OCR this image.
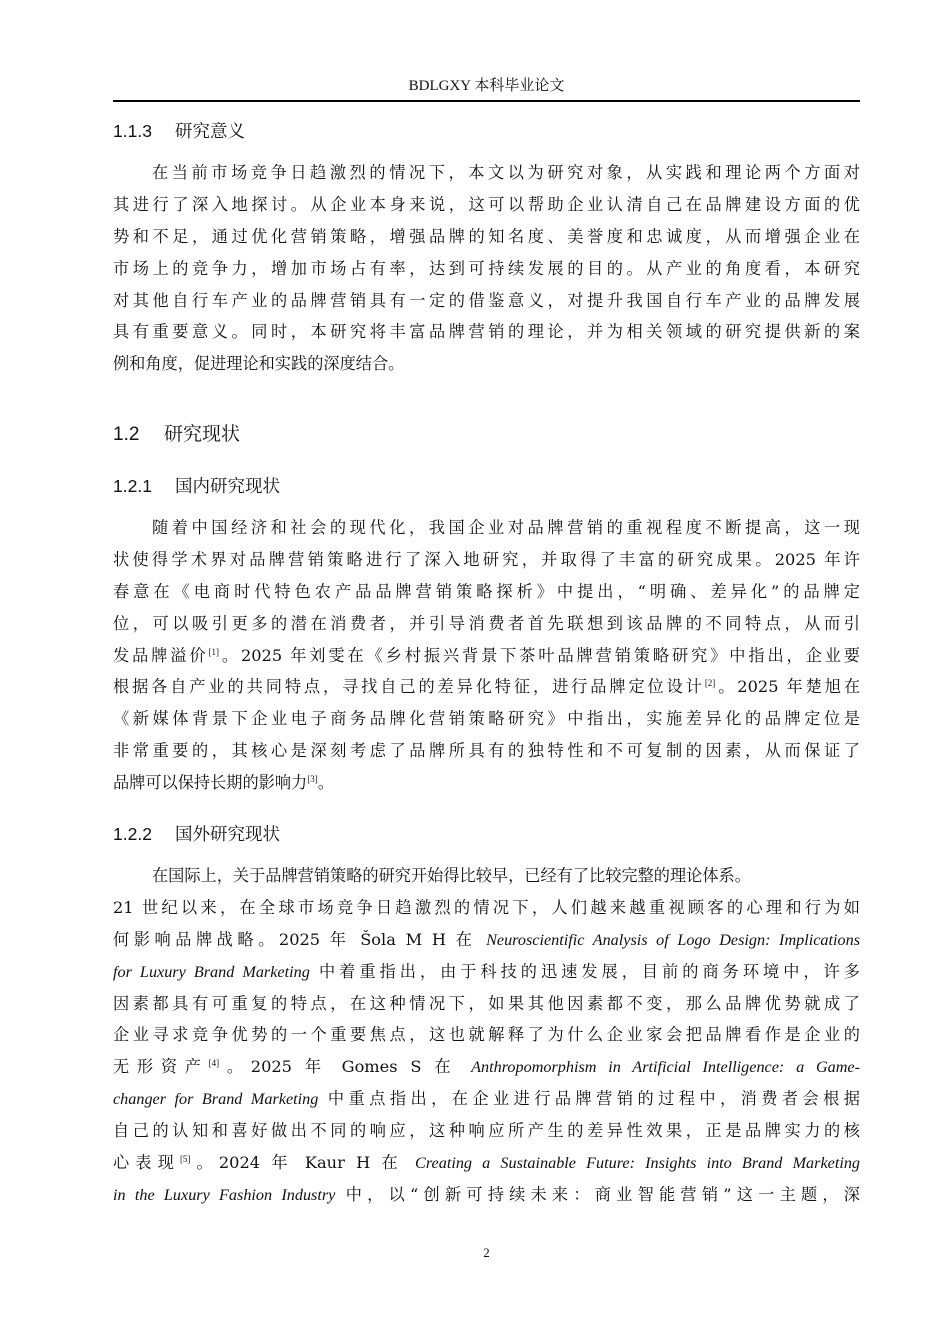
BDLGXY 本科毕业论文
1.1.3 研究意义
在当前市场竞争日趋激烈的情况下，本文以为研究对象，从实践和理论两个方面对
其进行了深入地探讨。从企业本身来说，这可以帮助企业认清自己在品牌建设方面的优
势和不足，通过优化营销策略，增强品牌的知名度、美誉度和忠诚度，从而增强企业在
市场上的竞争力，增加市场占有率，达到可持续发展的目的。从产业的角度看，本研究
对其他自行车产业的品牌营销具有一定的借鉴意义，对提升我国自行车产业的品牌发展
具有重要意义。同时，本研究将丰富品牌营销的理论，并为相关领域的研究提供新的案
例和角度，促进理论和实践的深度结合。
1.2 研究现状
1.2.1 国内研究现状
随着中国经济和社会的现代化，我国企业对品牌营销的重视程度不断提高，这一现
状使得学术界对品牌营销策略进行了深入地研究，并取得了丰富的研究成果。2025 年许
春意在《电商时代特色农产品品牌营销策略探析》中提出，“明确、差异化”的品牌定
位，可以吸引更多的潜在消费者，并引导消费者首先联想到该品牌的不同特点，从而引
发品牌溢价[1]。2025 年刘雯在《乡村振兴背景下茶叶品牌营销策略研究》中指出，企业要
根据各自产业的共同特点，寻找自己的差异化特征，进行品牌定位设计[2]。2025 年楚旭在
《新媒体背景下企业电子商务品牌化营销策略研究》中指出，实施差异化的品牌定位是
非常重要的，其核心是深刻考虑了品牌所具有的独特性和不可复制的因素，从而保证了
品牌可以保持长期的影响力[3]。
1.2.2 国外研究现状
在国际上，关于品牌营销策略的研究开始得比较早，已经有了比较完整的理论体系。
21 世纪以来，在全球市场竞争日趋激烈的情况下，人们越来越重视顾客的心理和行为如
何影响品牌战略。2025 年 Šola M H 在 Neuroscientific Analysis of Logo Design: Implications
for Luxury Brand Marketing 中着重指出，由于科技的迅速发展，目前的商务环境中，许多
因素都具有可重复的特点，在这种情况下，如果其他因素都不变，那么品牌优势就成了
企业寻求竞争优势的一个重要焦点，这也就解释了为什么企业家会把品牌看作是企业的
无形资产[4]。2025 年 Gomes S 在 Anthropomorphism in Artificial Intelligence: a Game-
changer for Brand Marketing 中重点指出，在企业进行品牌营销的过程中，消费者会根据
自己的认知和喜好做出不同的响应，这种响应所产生的差异性效果，正是品牌实力的核
心表现[5]。2024 年 Kaur H 在 Creating a Sustainable Future: Insights into Brand Marketing
in the Luxury Fashion Industry 中，以“创新可持续未来：商业智能营销”这一主题，深
2
